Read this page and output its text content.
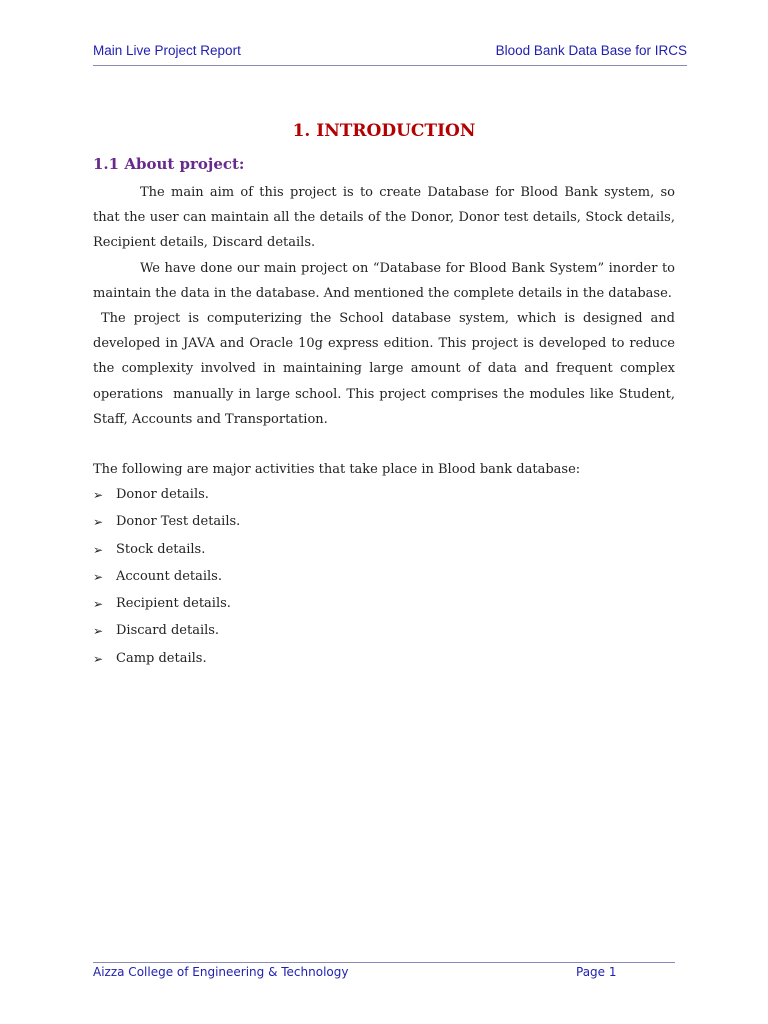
Main Live Project Report	Blood Bank Data Base for IRCS
1. INTRODUCTION
1.1 About project:

The main aim of this project is to create Database for Blood Bank system, so that the user can maintain all the details of the Donor, Donor test details, Stock details, Recipient details, Discard details.

We have done our main project on “Database for Blood Bank System” inorder to maintain the data in the database. And mentioned the complete details in the database.

The project is computerizing the School database system, which is designed and developed in JAVA and Oracle 10g express edition. This project is developed to reduce the complexity involved in maintaining large amount of data and frequent complex operations  manually in large school. This project comprises the modules like Student, Staff, Accounts and Transportation.

The following are major activities that take place in Blood bank database:

➢ Donor details.
➢ Donor Test details.
➢ Stock details.
➢ Account details.
➢ Recipient details.
➢ Discard details.
➢ Camp details.
Aizza College of Engineering & Technology	Page 1
